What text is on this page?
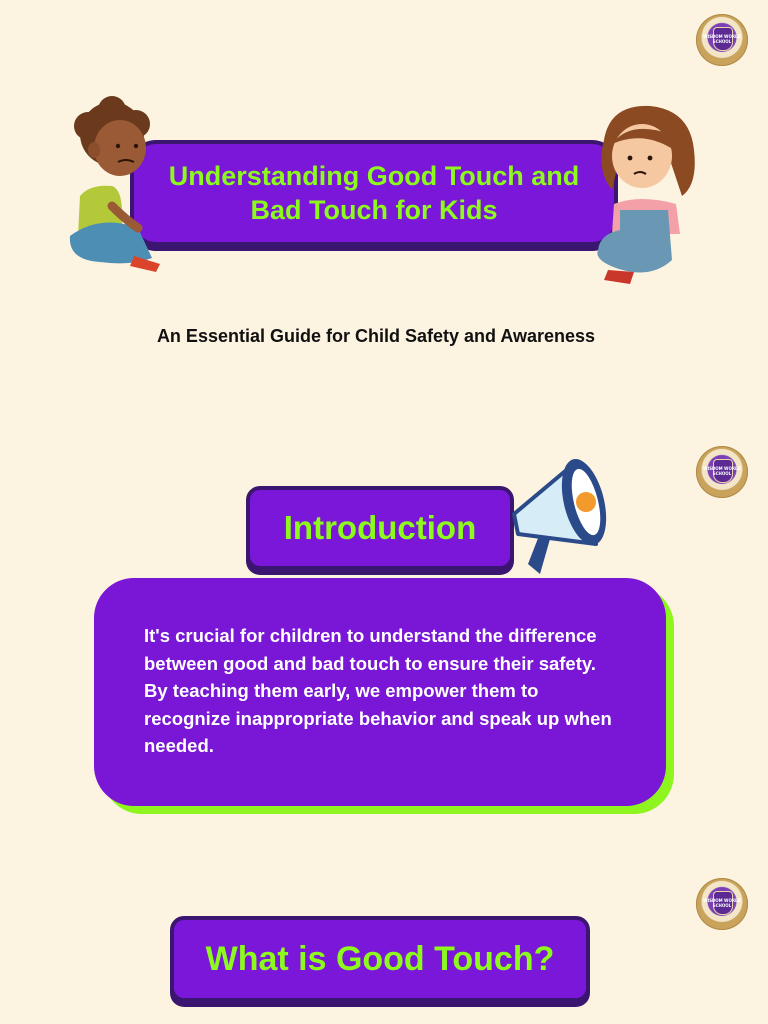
WISDOM WORLD SCHOOL
WISDOM WORLD SCHOOL
WISDOM WORLD SCHOOL
Understanding Good Touch and Bad Touch for Kids

An Essential Guide for Child Safety and Awareness

Introduction

It's crucial for children to understand the difference between good and bad touch to ensure their safety. By teaching them early, we empower them to recognize inappropriate behavior and speak up when needed.

What is Good Touch?
